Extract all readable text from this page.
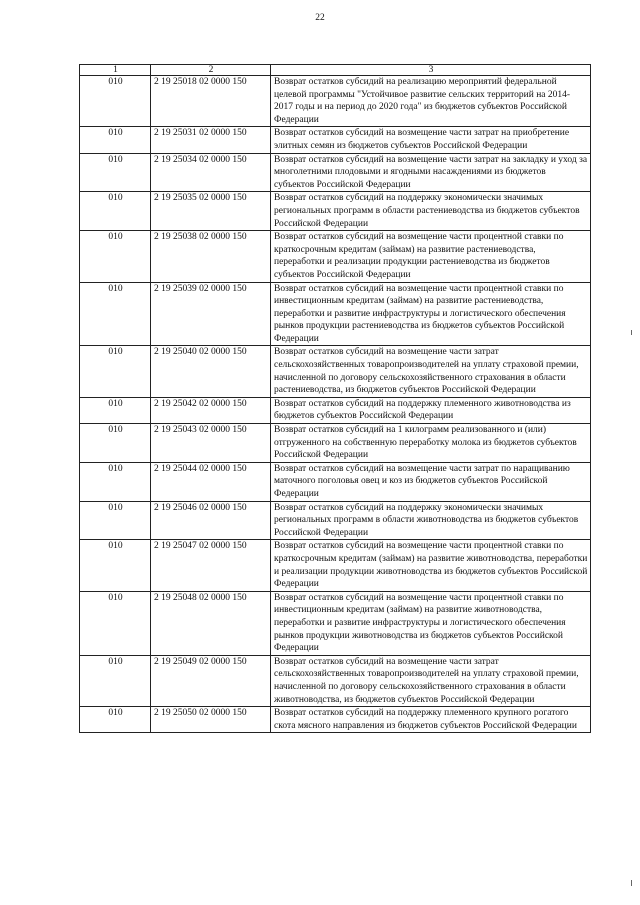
22
1	2	3
010	2 19 25018 02 0000 150	Возврат остатков субсидий на реализацию мероприятий федеральной целевой программы "Устойчивое развитие сельских территорий на 2014-2017 годы и на период до 2020 года" из бюджетов субъектов Российской Федерации
010	2 19 25031 02 0000 150	Возврат остатков субсидий на возмещение части затрат на приобретение элитных семян из бюджетов субъектов Российской Федерации
010	2 19 25034 02 0000 150	Возврат остатков субсидий на возмещение части затрат на закладку и уход за многолетними плодовыми и ягодными насаждениями из бюджетов субъектов Российской Федерации
010	2 19 25035 02 0000 150	Возврат остатков субсидий на поддержку экономически значимых региональных программ в области растениеводства из бюджетов субъектов Российской Федерации
010	2 19 25038 02 0000 150	Возврат остатков субсидий на возмещение части процентной ставки по краткосрочным кредитам (займам) на развитие растениеводства, переработки и реализации продукции растениеводства из бюджетов субъектов Российской Федерации
010	2 19 25039 02 0000 150	Возврат остатков субсидий на возмещение части процентной ставки по инвестиционным кредитам (займам) на развитие растениеводства, переработки и развитие инфраструктуры и логистического обеспечения рынков продукции растениеводства из бюджетов субъектов Российской Федерации
010	2 19 25040 02 0000 150	Возврат остатков субсидий на возмещение части затрат сельскохозяйственных товаропроизводителей на уплату страховой премии, начисленной по договору сельскохозяйственного страхования в области растениеводства, из бюджетов субъектов Российской Федерации
010	2 19 25042 02 0000 150	Возврат остатков субсидий на поддержку племенного животноводства из бюджетов субъектов Российской Федерации
010	2 19 25043 02 0000 150	Возврат остатков субсидий на 1 килограмм реализованного и (или) отгруженного на собственную переработку молока из бюджетов субъектов Российской Федерации
010	2 19 25044 02 0000 150	Возврат остатков субсидий на возмещение части затрат по наращиванию маточного поголовья овец и коз из бюджетов субъектов Российской Федерации
010	2 19 25046 02 0000 150	Возврат остатков субсидий на поддержку экономически значимых региональных программ в области животноводства из бюджетов субъектов Российской Федерации
010	2 19 25047 02 0000 150	Возврат остатков субсидий на возмещение части процентной ставки по краткосрочным кредитам (займам) на развитие животноводства, переработки и реализации продукции животноводства из бюджетов субъектов Российской Федерации
010	2 19 25048 02 0000 150	Возврат остатков субсидий на возмещение части процентной ставки по инвестиционным кредитам (займам) на развитие животноводства, переработки и развитие инфраструктуры и логистического обеспечения рынков продукции животноводства из бюджетов субъектов Российской Федерации
010	2 19 25049 02 0000 150	Возврат остатков субсидий на возмещение части затрат сельскохозяйственных товаропроизводителей на уплату страховой премии, начисленной по договору сельскохозяйственного страхования в области животноводства, из бюджетов субъектов Российской Федерации
010	2 19 25050 02 0000 150	Возврат остатков субсидий на поддержку племенного крупного рогатого скота мясного направления из бюджетов субъектов Российской Федерации
